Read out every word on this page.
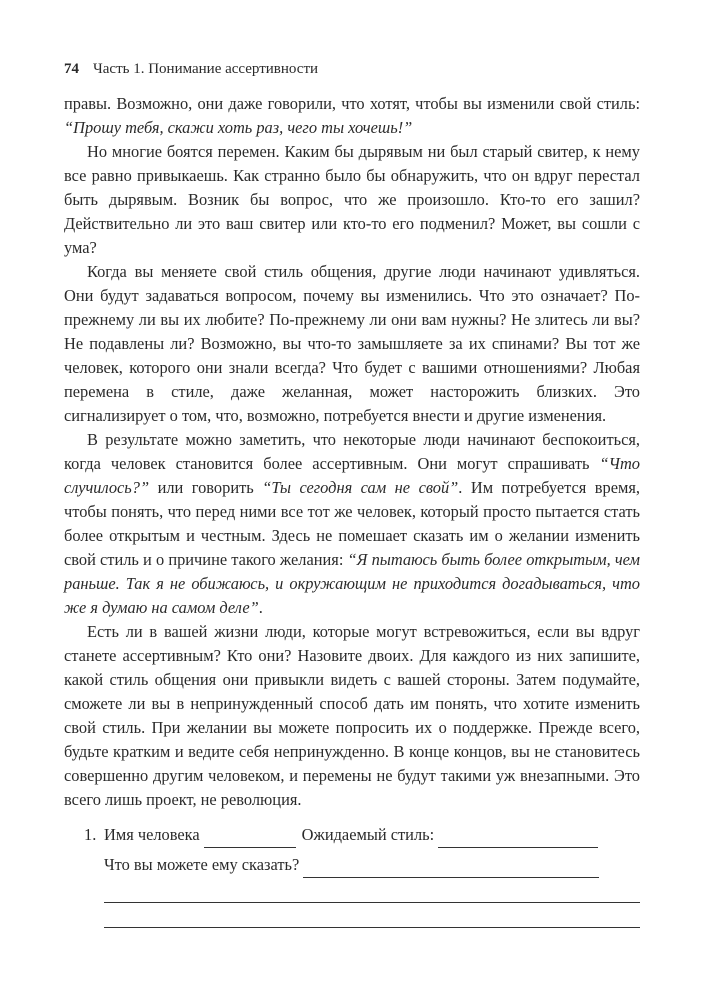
74 Часть 1. Понимание ассертивности

правы. Возможно, они даже говорили, что хотят, чтобы вы изменили свой стиль: “Прошу тебя, скажи хоть раз, чего ты хочешь!”

Но многие боятся перемен. Каким бы дырявым ни был старый свитер, к нему все равно привыкаешь. Как странно было бы обнаружить, что он вдруг перестал быть дырявым. Возник бы вопрос, что же произошло. Кто-то его зашил? Действительно ли это ваш свитер или кто-то его подменил? Может, вы сошли с ума?

Когда вы меняете свой стиль общения, другие люди начинают удивляться. Они будут задаваться вопросом, почему вы изменились. Что это означает? По-прежнему ли вы их любите? По-прежнему ли они вам нужны? Не злитесь ли вы? Не подавлены ли? Возможно, вы что-то замышляете за их спинами? Вы тот же человек, которого они знали всегда? Что будет с вашими отношениями? Любая перемена в стиле, даже желанная, может насторожить близких. Это сигнализирует о том, что, возможно, потребуется внести и другие изменения.

В результате можно заметить, что некоторые люди начинают беспокоиться, когда человек становится более ассертивным. Они могут спрашивать “Что случилось?” или говорить “Ты сегодня сам не свой”. Им потребуется время, чтобы понять, что перед ними все тот же человек, который просто пытается стать более открытым и честным. Здесь не помешает сказать им о желании изменить свой стиль и о причине такого желания: “Я пытаюсь быть более открытым, чем раньше. Так я не обижаюсь, и окружающим не приходится догадываться, что же я думаю на самом деле”.

Есть ли в вашей жизни люди, которые могут встревожиться, если вы вдруг станете ассертивным? Кто они? Назовите двоих. Для каждого из них запишите, какой стиль общения они привыкли видеть с вашей стороны. Затем подумайте, сможете ли вы в непринужденный способ дать им понять, что хотите изменить свой стиль. При желании вы можете попросить их о поддержке. Прежде всего, будьте кратким и ведите себя непринужденно. В конце концов, вы не становитесь совершенно другим человеком, и перемены не будут такими уж внезапными. Это всего лишь проект, не революция.

1. Имя человека	Ожидаемый стиль:
Что вы можете ему сказать?
